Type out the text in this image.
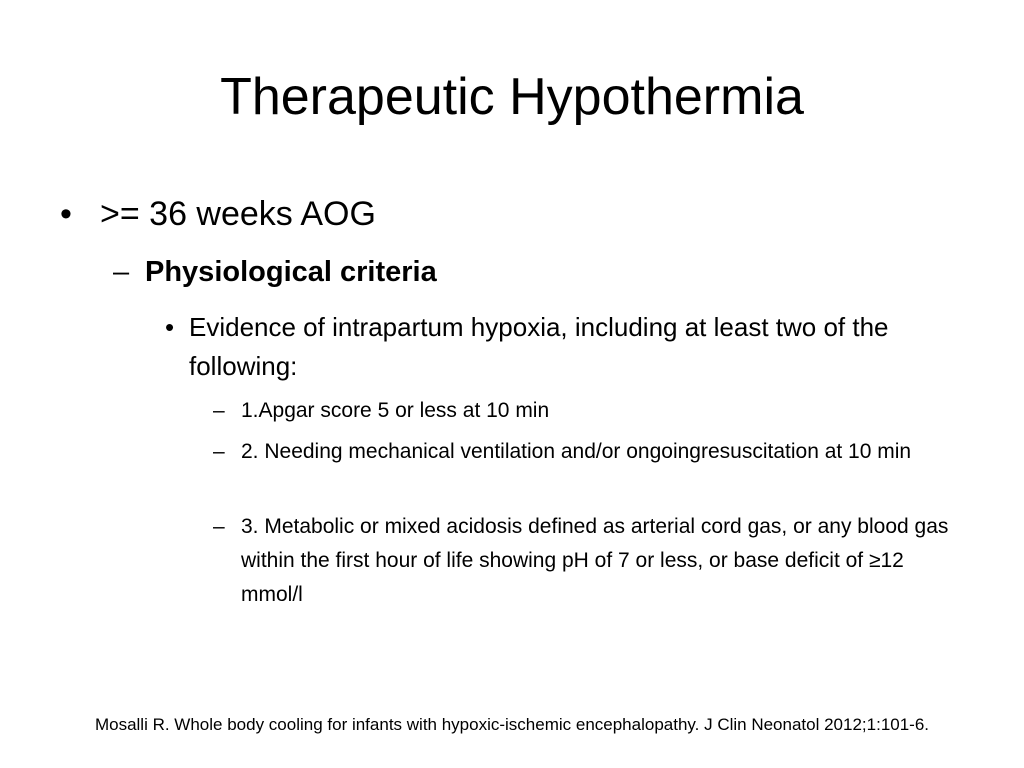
Therapeutic Hypothermia
• >= 36 weeks AOG
– Physiological criteria
• Evidence of intrapartum hypoxia, including at least two of the following:
– 1.Apgar score 5 or less at 10 min
– 2. Needing mechanical ventilation and/or ongoingresuscitation at 10 min
– 3. Metabolic or mixed acidosis defined as arterial cord gas, or any blood gas within the first hour of life showing pH of 7 or less, or base deficit of ≥12 mmol/l
Mosalli R. Whole body cooling for infants with hypoxic-ischemic encephalopathy. J Clin Neonatol 2012;1:101-6.
